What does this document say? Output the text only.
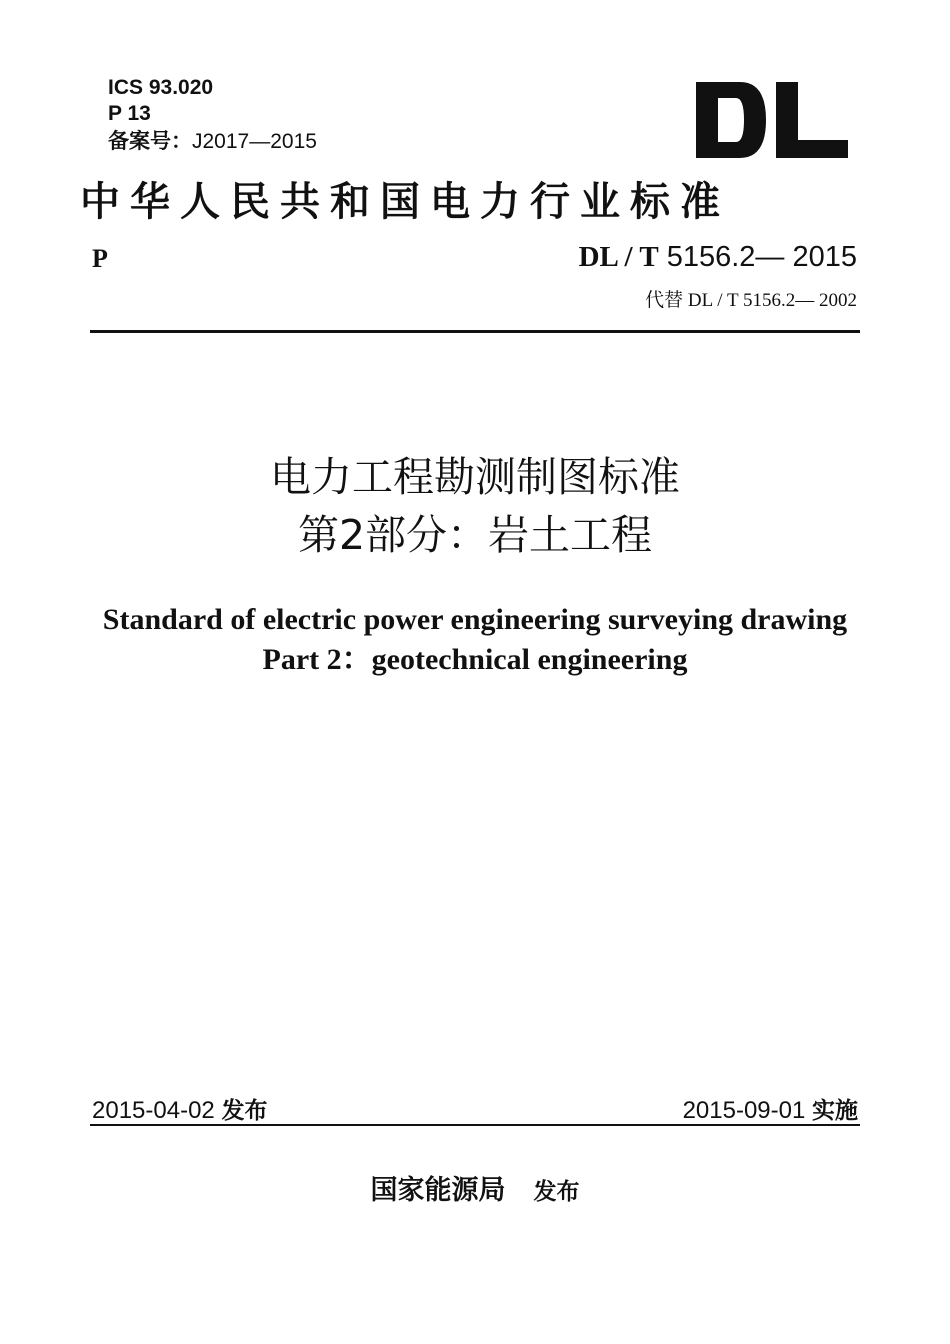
ICS 93.020
P 13
备案号：J2017—2015
中华人民共和国电力行业标准
P	DL / T 5156.2— 2015
代替 DL / T 5156.2— 2002
电力工程勘测制图标准
第2部分：岩土工程
Standard of electric power engineering surveying drawing
Part 2：geotechnical engineering
2015-04-02 发布	2015-09-01 实施
国家能源局 发布
